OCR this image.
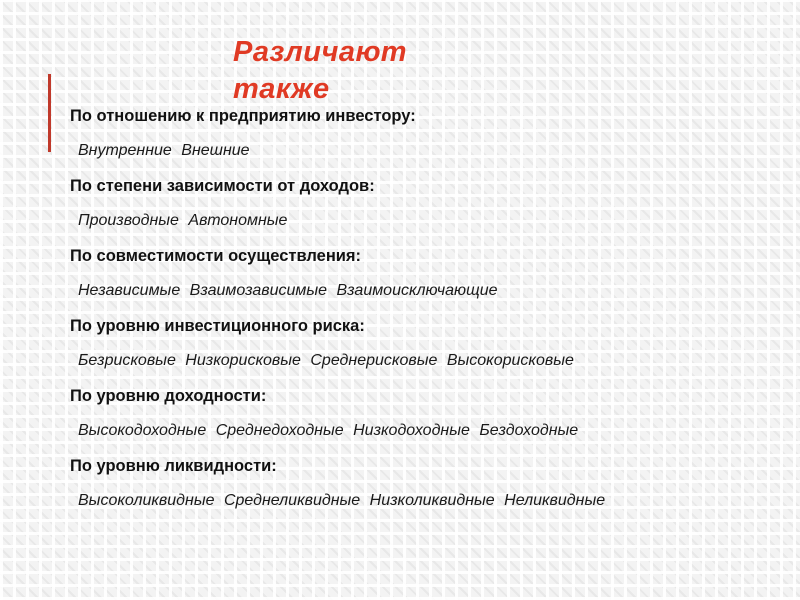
Различают также
По отношению к предприятию инвестору:
Внутренние Внешние
По степени зависимости от доходов:
Производные Автономные
По совместимости осуществления:
Независимые Взаимозависимые Взаимоисключающие
По уровню инвестиционного риска:
Безрисковые Низкорисковые Среднерисковые Высокорисковые
По уровню доходности:
Высокодоходные Среднедоходные Низкодоходные Бездоходные
По уровню ликвидности:
Высоколиквидные Среднеликвидные Низколиквидные Неликвидные
